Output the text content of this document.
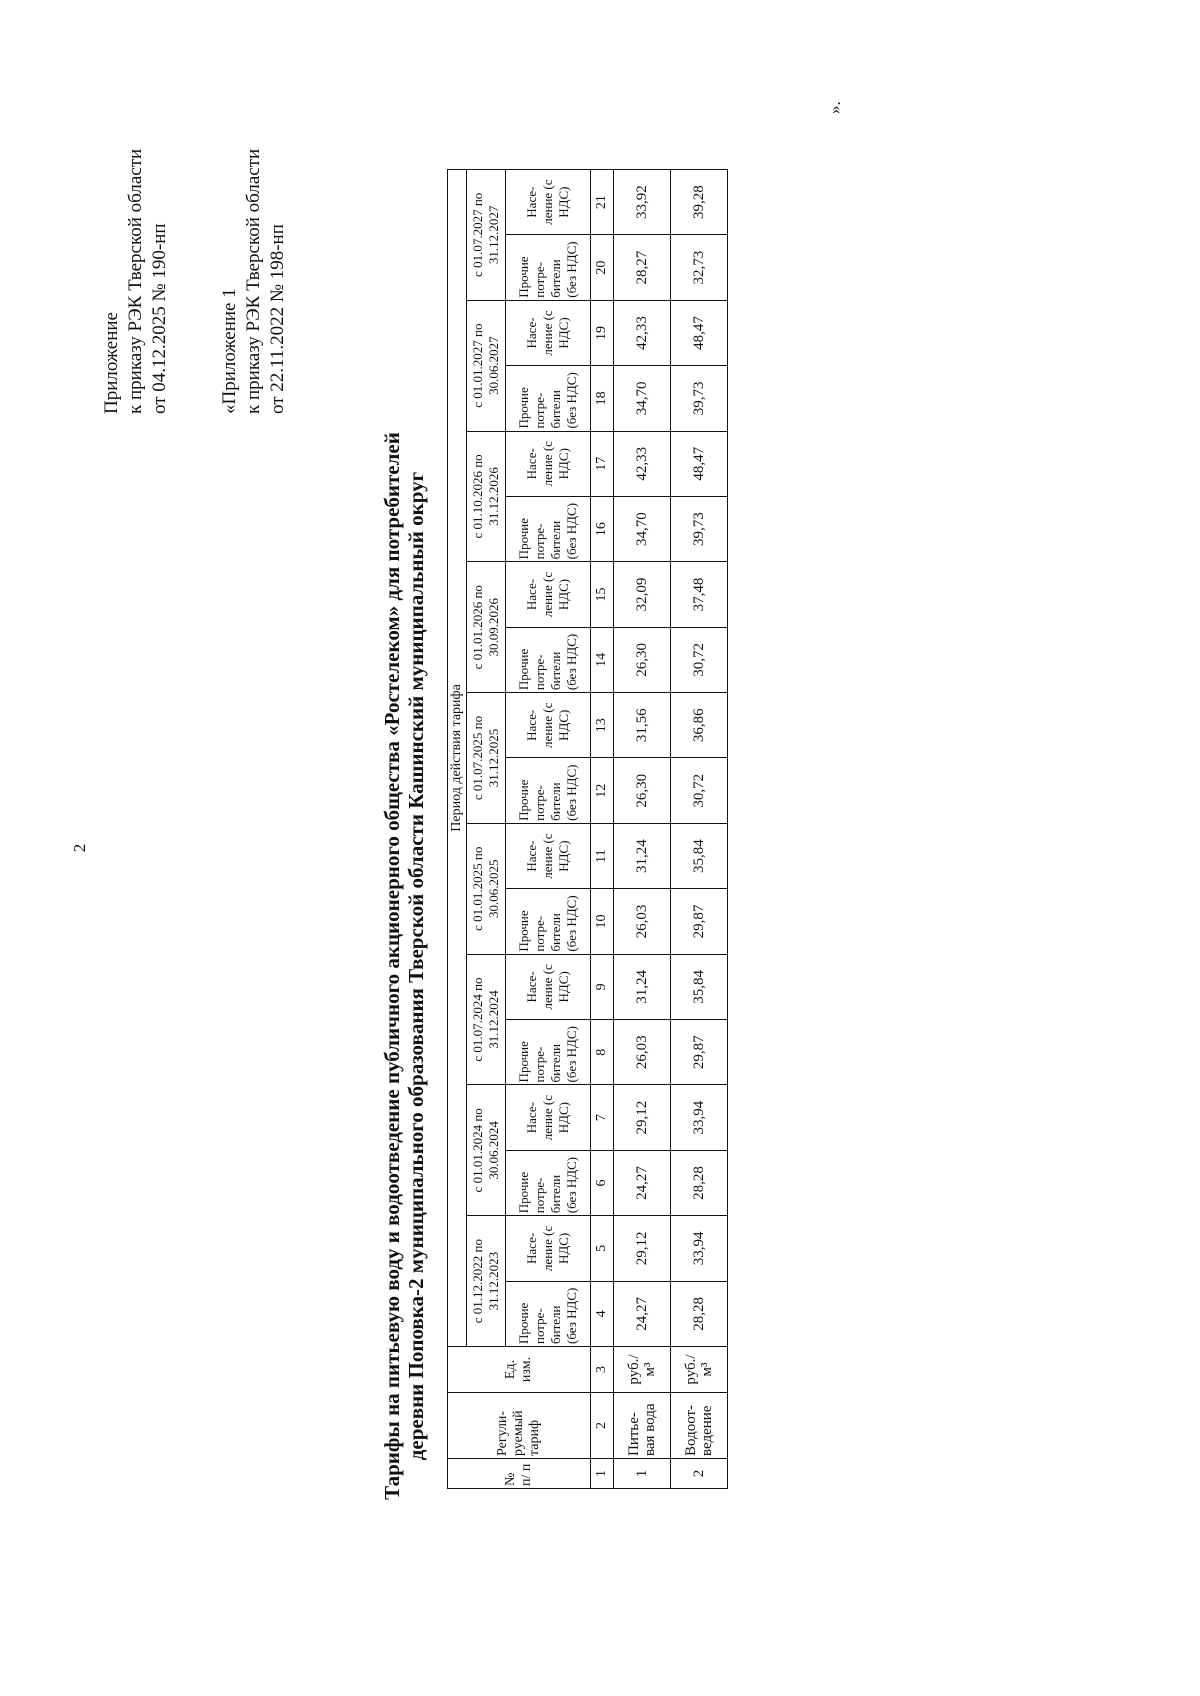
2
Приложение к приказу РЭК Тверской области от 04.12.2025 № 190-нп	«Приложение 1 к приказу РЭК Тверской области от 22.11.2022 № 198-нп
Тарифы на питьевую воду и водоотведение публичного акционерного общества «Ростелеком» для потребителей деревни Поповка-2 муниципального образования Тверской области Кашинский муниципальный округ
№ п/ п	Регули-руемый тариф	Ед. изм.	Период действия тарифа																	
			с 01.12.2022 по 31.12.2023		с 01.01.2024 по 30.06.2024		с 01.07.2024 по 31.12.2024		с 01.01.2025 по 30.06.2025		с 01.07.2025 по 31.12.2025		с 01.01.2026 по 30.09.2026		с 01.10.2026 по 31.12.2026		с 01.01.2027 по 30.06.2027		с 01.07.2027 по 31.12.2027	
			Прочие потре-бители (без НДС)	Насе-ление (с НДС)	Прочие потре-бители (без НДС)	Насе-ление (с НДС)	Прочие потре-бители (без НДС)	Насе-ление (с НДС)	Прочие потре-бители (без НДС)	Насе-ление (с НДС)	Прочие потре-бители (без НДС)	Насе-ление (с НДС)	Прочие потре-бители (без НДС)	Насе-ление (с НДС)	Прочие потре-бители (без НДС)	Насе-ление (с НДС)	Прочие потре-бители (без НДС)	Насе-ление (с НДС)	Прочие потре-бители (без НДС)	Насе-ление (с НДС)
1	2	3	4	5	6	7	8	9	10	11	12	13	14	15	16	17	18	19	20	21
1	Питье-вая вода	руб./м³	24,27	29,12	24,27	29,12	26,03	31,24	26,03	31,24	26,30	31,56	26,30	32,09	34,70	42,33	34,70	42,33	28,27	33,92
2	Водоот-ведение	руб./м³	28,28	33,94	28,28	33,94	29,87	35,84	29,87	35,84	30,72	36,86	30,72	37,48	39,73	48,47	39,73	48,47	32,73	39,28
».
